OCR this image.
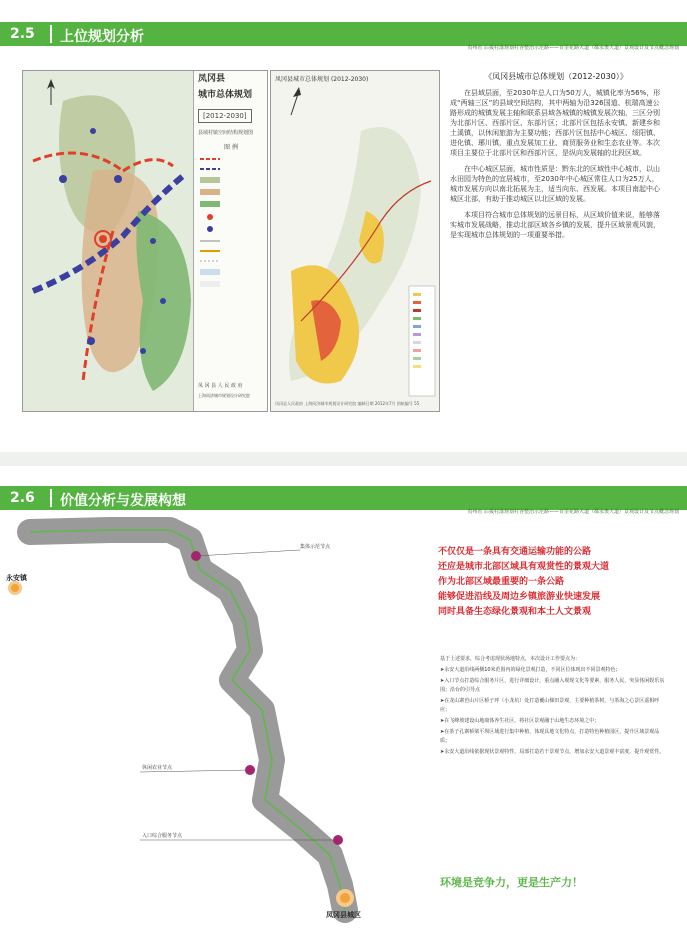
2.5 上位规划分析	CHAPTER02
贵州省 后援村落规划村容整治示范路——百里花路大道（都永奥大道）景观设计及节点概念规划
凤冈县
城市总体规划
[2012-2030]
县域村镇空间结构规划图
图 例
凤 冈 县 人 民 政 府
上海同济城市规划设计研究院
凤冈县城市总体规划 (2012-2030)
凤冈县人民政府 上海同济城市规划设计研究院 编制日期 2012年7月 图纸编号 55
《凤冈县城市总体规划（2012-2030）》

在县域层面，至2030年总人口为50万人，城镇化率为56%，形成“两轴三区”的县域空间结构，其中两轴为沿326国道、杭瑞高速公路形成的城镇发展主轴和联系县域各城镇的城镇发展次轴，三区分别为北部片区、西部片区、东部片区；北部片区包括永安镇、新建乡和土溪镇，以休闲旅游为主要功能；西部片区包括中心城区、绥阳镇、进化镇、琊川镇，重点发展加工业、商贸服务业和生态农业等。本次项目主要位于北部片区和西部片区，是纵向发展轴的北段区域。

在中心城区层面，城市性质是：黔东北的区域性中心城市，以山水田园为特色的宜居城市，至2030年中心城区常住人口为25万人，城市发展方向以南北拓展为主，适当向东、西发展。本项目南起中心城区北部，有助于推动城区以北区域的发展。

本项目符合城市总体规划的远景目标，从区域价值来说，能够落实城市发展战略，推动北部区域各乡镇的发展，提升区域景观风貌，是实现城市总体规划的一项重要举措。

2.6 价值分析与发展构想	CHAPTER02
贵州省 后援村落规划村容整治示范路——百里花路大道（都永奥大道）景观设计及节点概念规划
永安镇
凤冈县城区
集体示范节点
休闲农业节点
入口综合服务节点
不仅仅是一条具有交通运输功能的公路
还应是城市北部区域具有观赏性的景观大道
作为北部区域最重要的一条公路
能够促进沿线及周边乡镇旅游业快速发展
同时具备生态绿化景观和本土人文景观
基于上述要求，综合考虑现状场地特点，本次设计工作要点为：
➤永安大道沿线两侧10米范围内的绿化景观打造，不同区位体现出不同景观特色；
➤入口节点打造综合服务片区，进行详细设计，重点融入观现文化等要素，服务人民，突显休闲娱乐氛围；沿台的引导点
➤在龙山寨芭山片区桥子坪（小龙坑）处打造覆山梯田景观，主要种植茶树，与茶海之心景区遥相呼应；
➤在飞峰坡建设山地康体养生社区，将社区景观融于山地生态环境之中；
➤在茶子孔寨桥梁平坝区域进行集中种植，体现具地文化特点，打造特色种植园区，提升区域景观品质；
➤永安大道沿线依据现状景观特性，局部打造若干景观节点，增加永安大道景观丰富度，提升观赏性。
环境是竞争力，更是生产力！
